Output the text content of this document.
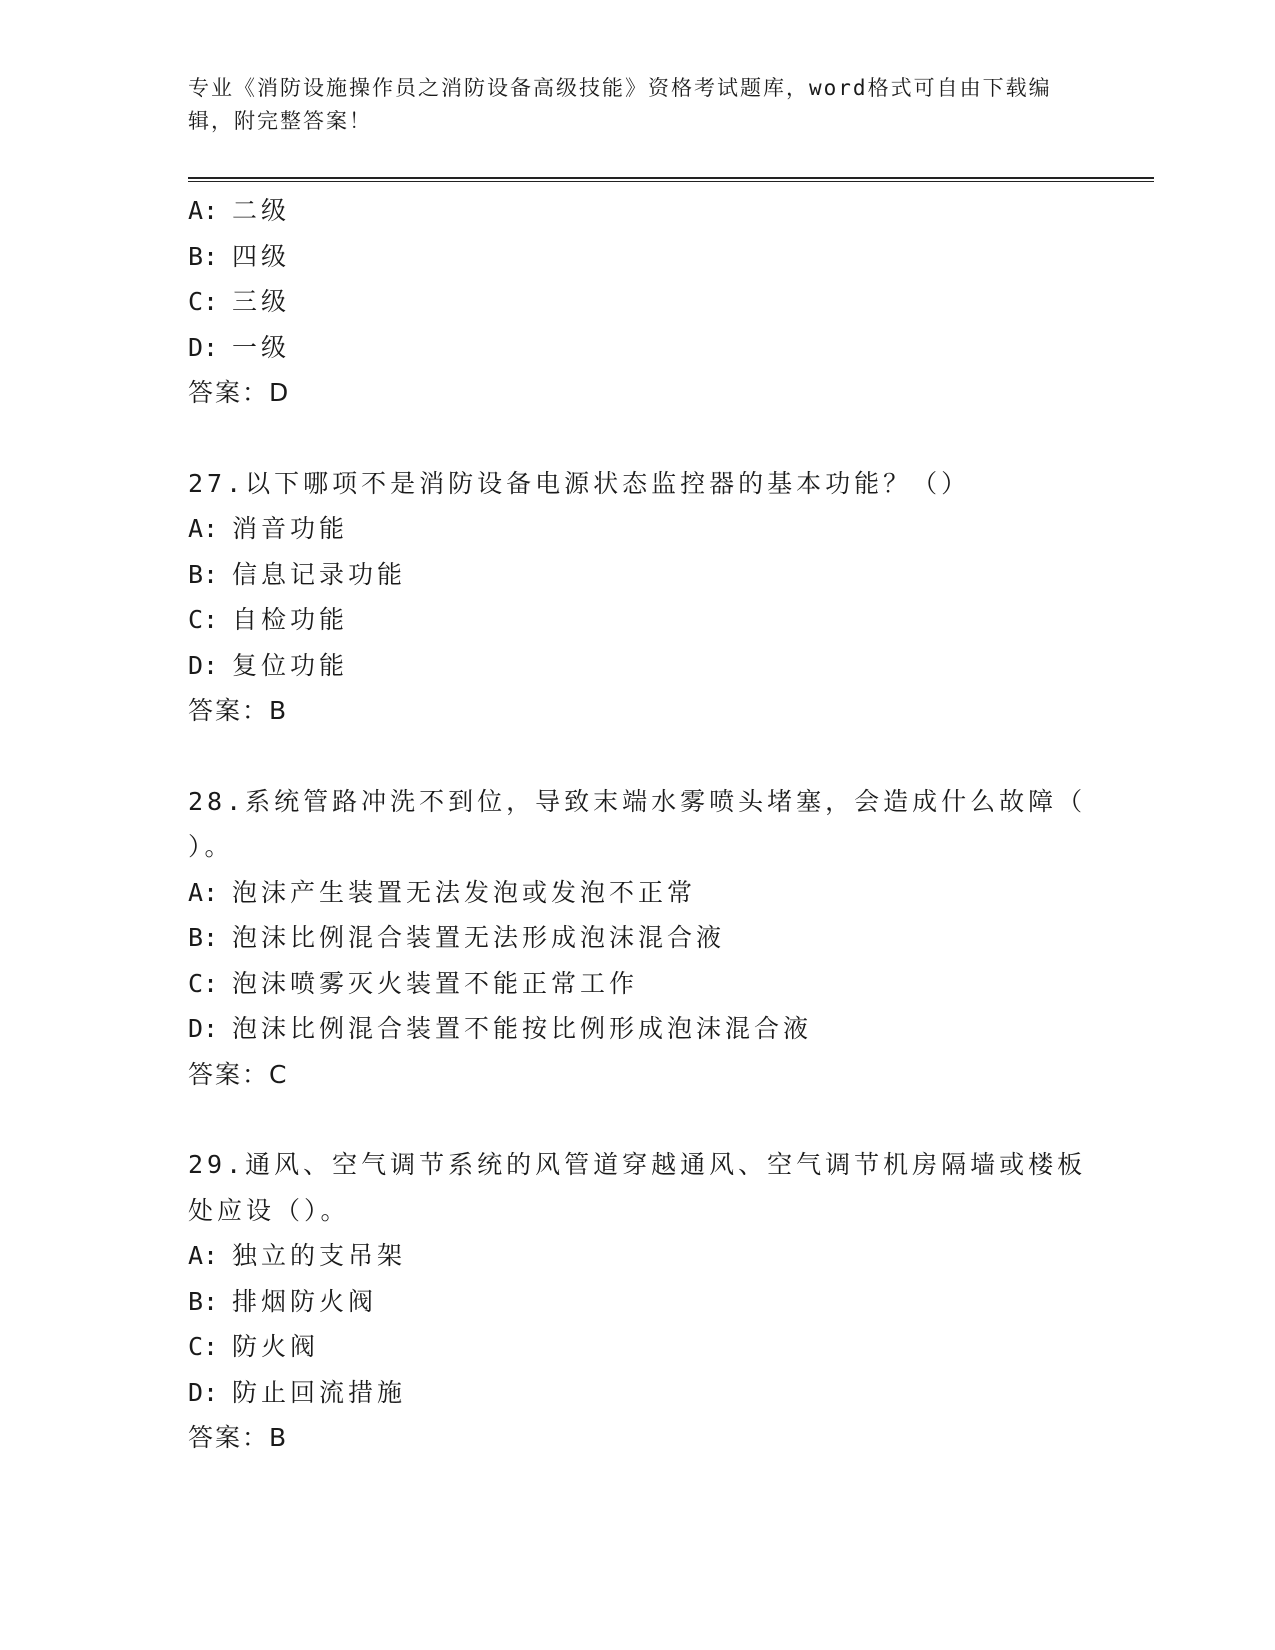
专业《消防设施操作员之消防设备高级技能》资格考试题库，word格式可自由下载编辑，附完整答案！
A: 二级
B: 四级
C: 三级
D: 一级
答案：D
27.以下哪项不是消防设备电源状态监控器的基本功能？（）
A: 消音功能
B: 信息记录功能
C: 自检功能
D: 复位功能
答案：B
28.系统管路冲洗不到位，导致末端水雾喷头堵塞，会造成什么故障（
）。
A: 泡沫产生装置无法发泡或发泡不正常
B: 泡沫比例混合装置无法形成泡沫混合液
C: 泡沫喷雾灭火装置不能正常工作
D: 泡沫比例混合装置不能按比例形成泡沫混合液
答案：C
29.通风、空气调节系统的风管道穿越通风、空气调节机房隔墙或楼板
处应设（）。
A: 独立的支吊架
B: 排烟防火阀
C: 防火阀
D: 防止回流措施
答案：B
